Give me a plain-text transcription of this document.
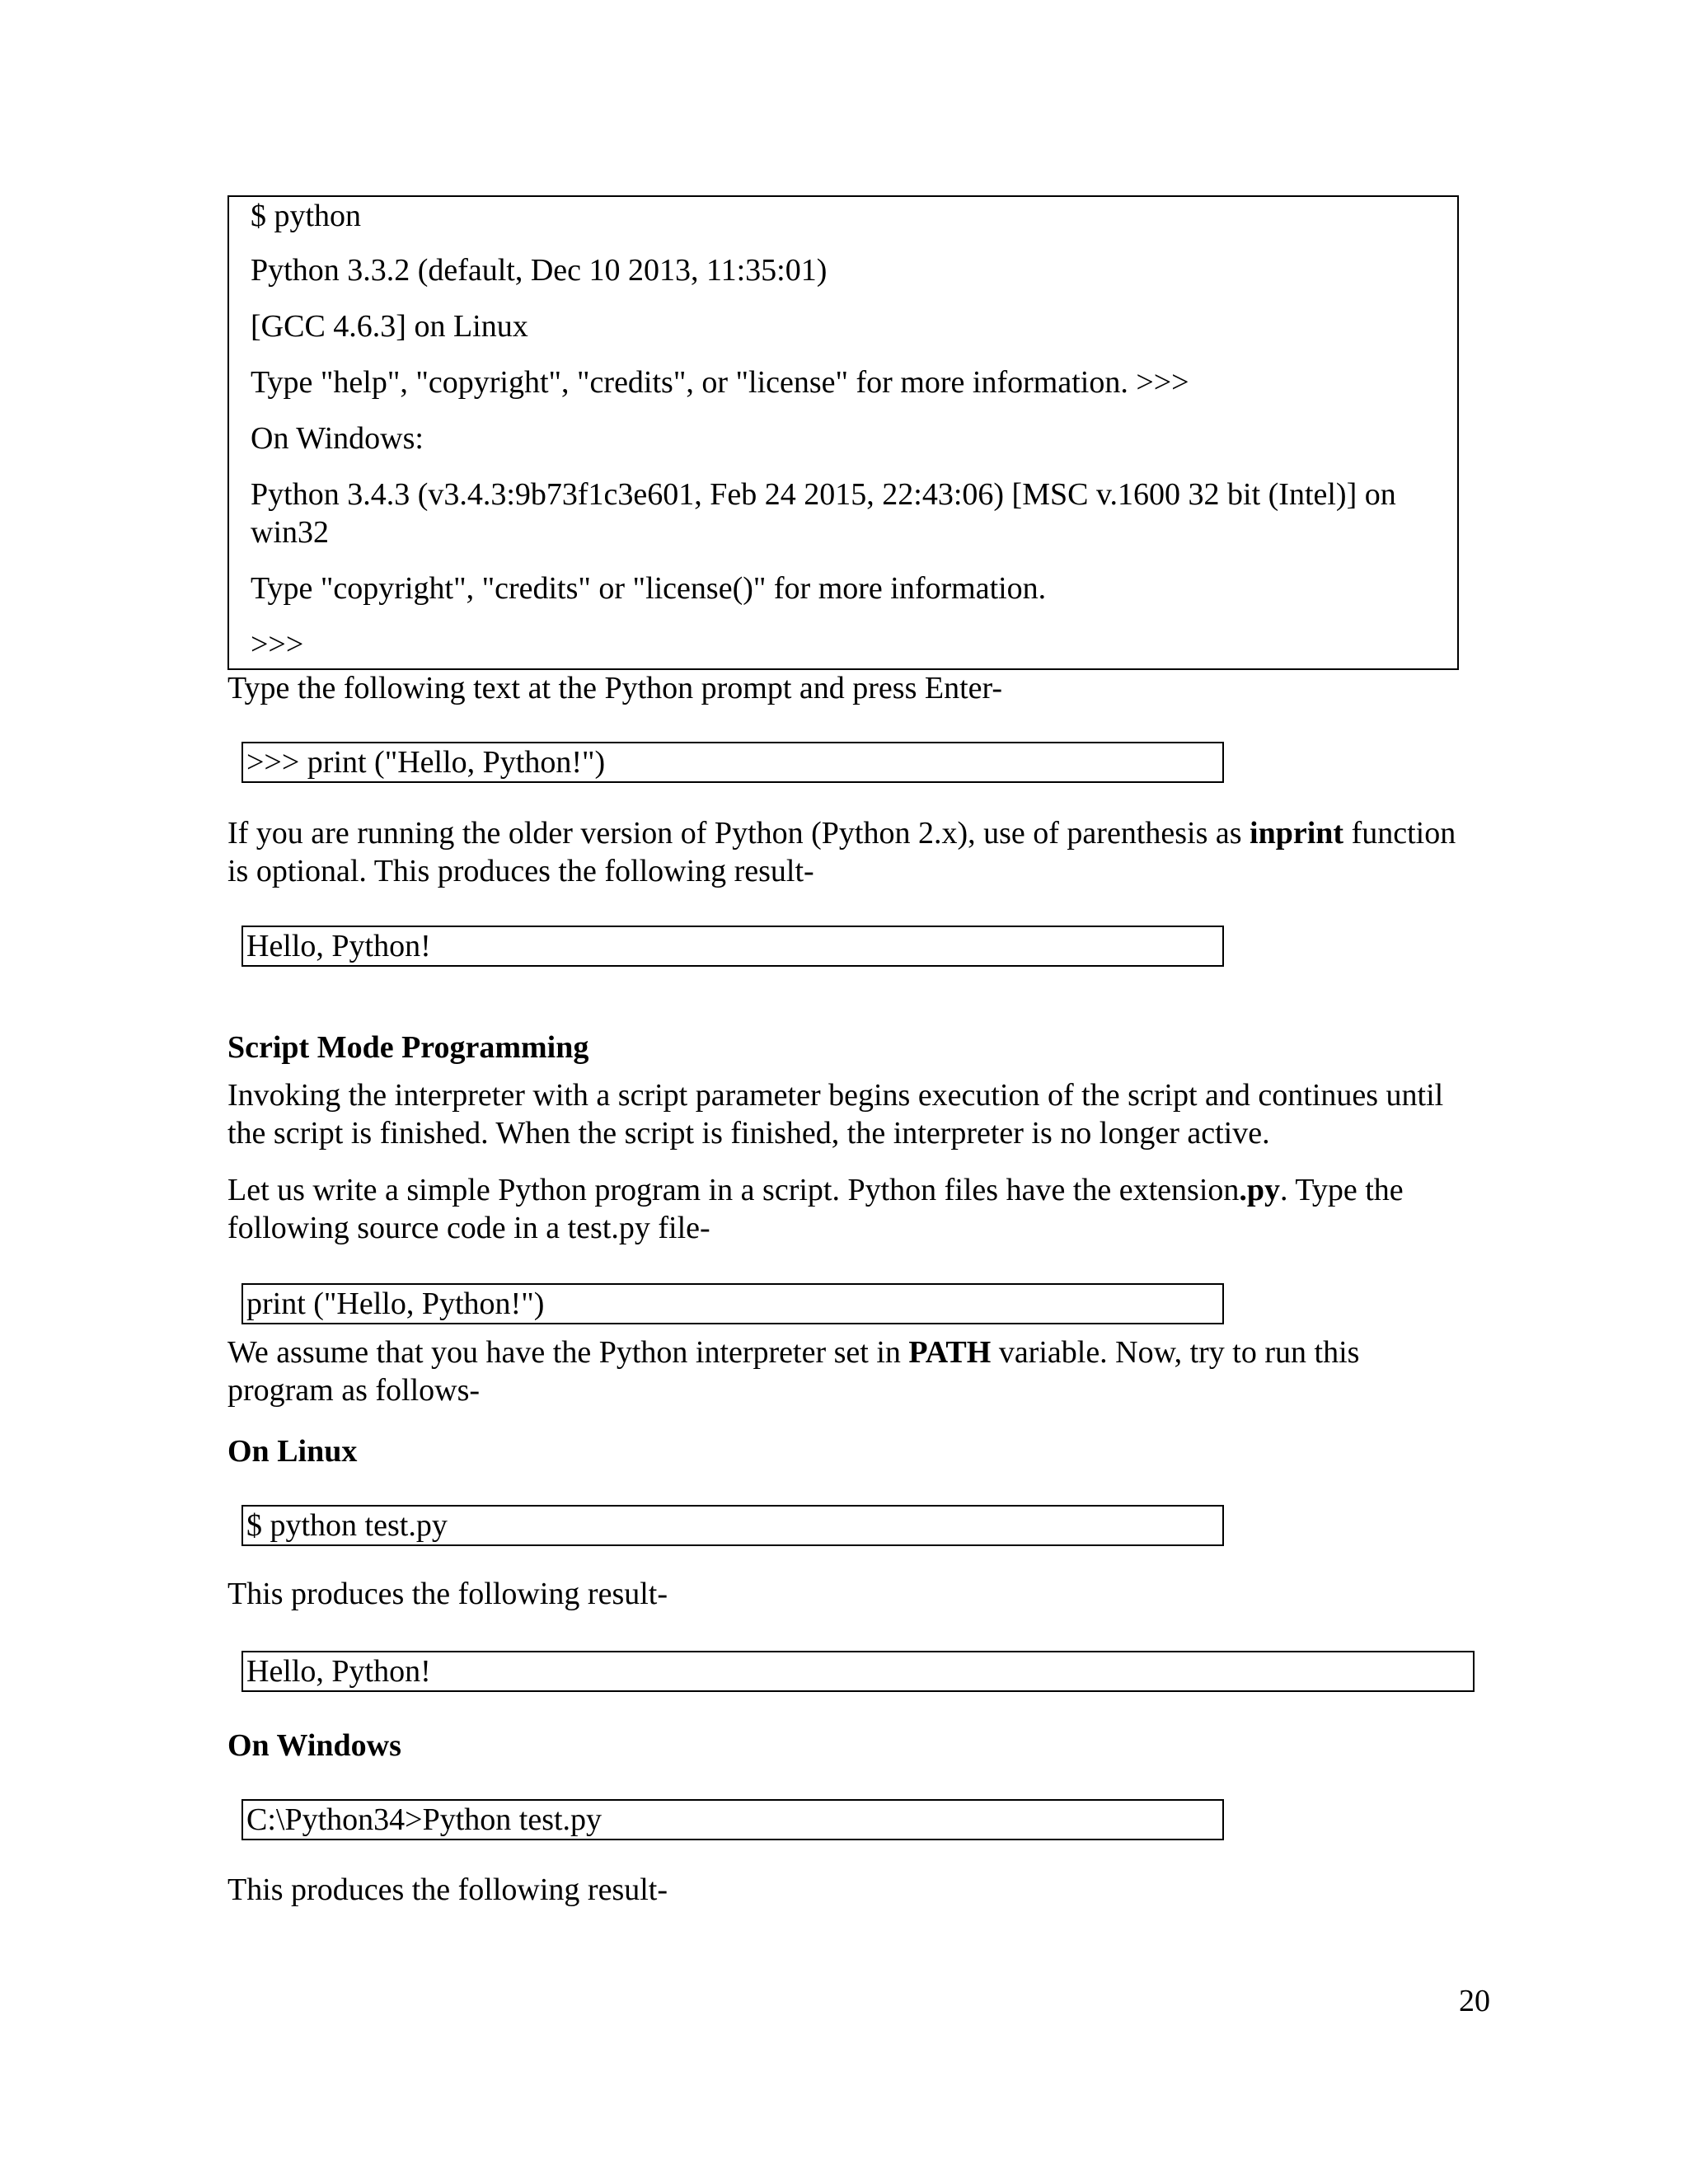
$ python
Python 3.3.2 (default, Dec 10 2013, 11:35:01)
[GCC 4.6.3] on Linux
Type "help", "copyright", "credits", or "license" for more information. >>>
On Windows:
Python 3.4.3 (v3.4.3:9b73f1c3e601, Feb 24 2015, 22:43:06) [MSC v.1600 32 bit (Intel)] on win32
Type "copyright", "credits" or "license()" for more information.
>>>
Type the following text at the Python prompt and press Enter-
>>> print ("Hello, Python!")
If you are running the older version of Python (Python 2.x), use of parenthesis as inprint function is optional. This produces the following result-
Hello, Python!
Script Mode Programming
Invoking the interpreter with a script parameter begins execution of the script and continues until the script is finished. When the script is finished, the interpreter is no longer active.
Let us write a simple Python program in a script. Python files have the extension.py. Type the following source code in a test.py file-
print ("Hello, Python!")
We assume that you have the Python interpreter set in PATH variable. Now, try to run this program as follows-
On Linux
$ python test.py
This produces the following result-
Hello, Python!
On Windows
C:\Python34>Python test.py
This produces the following result-
20
